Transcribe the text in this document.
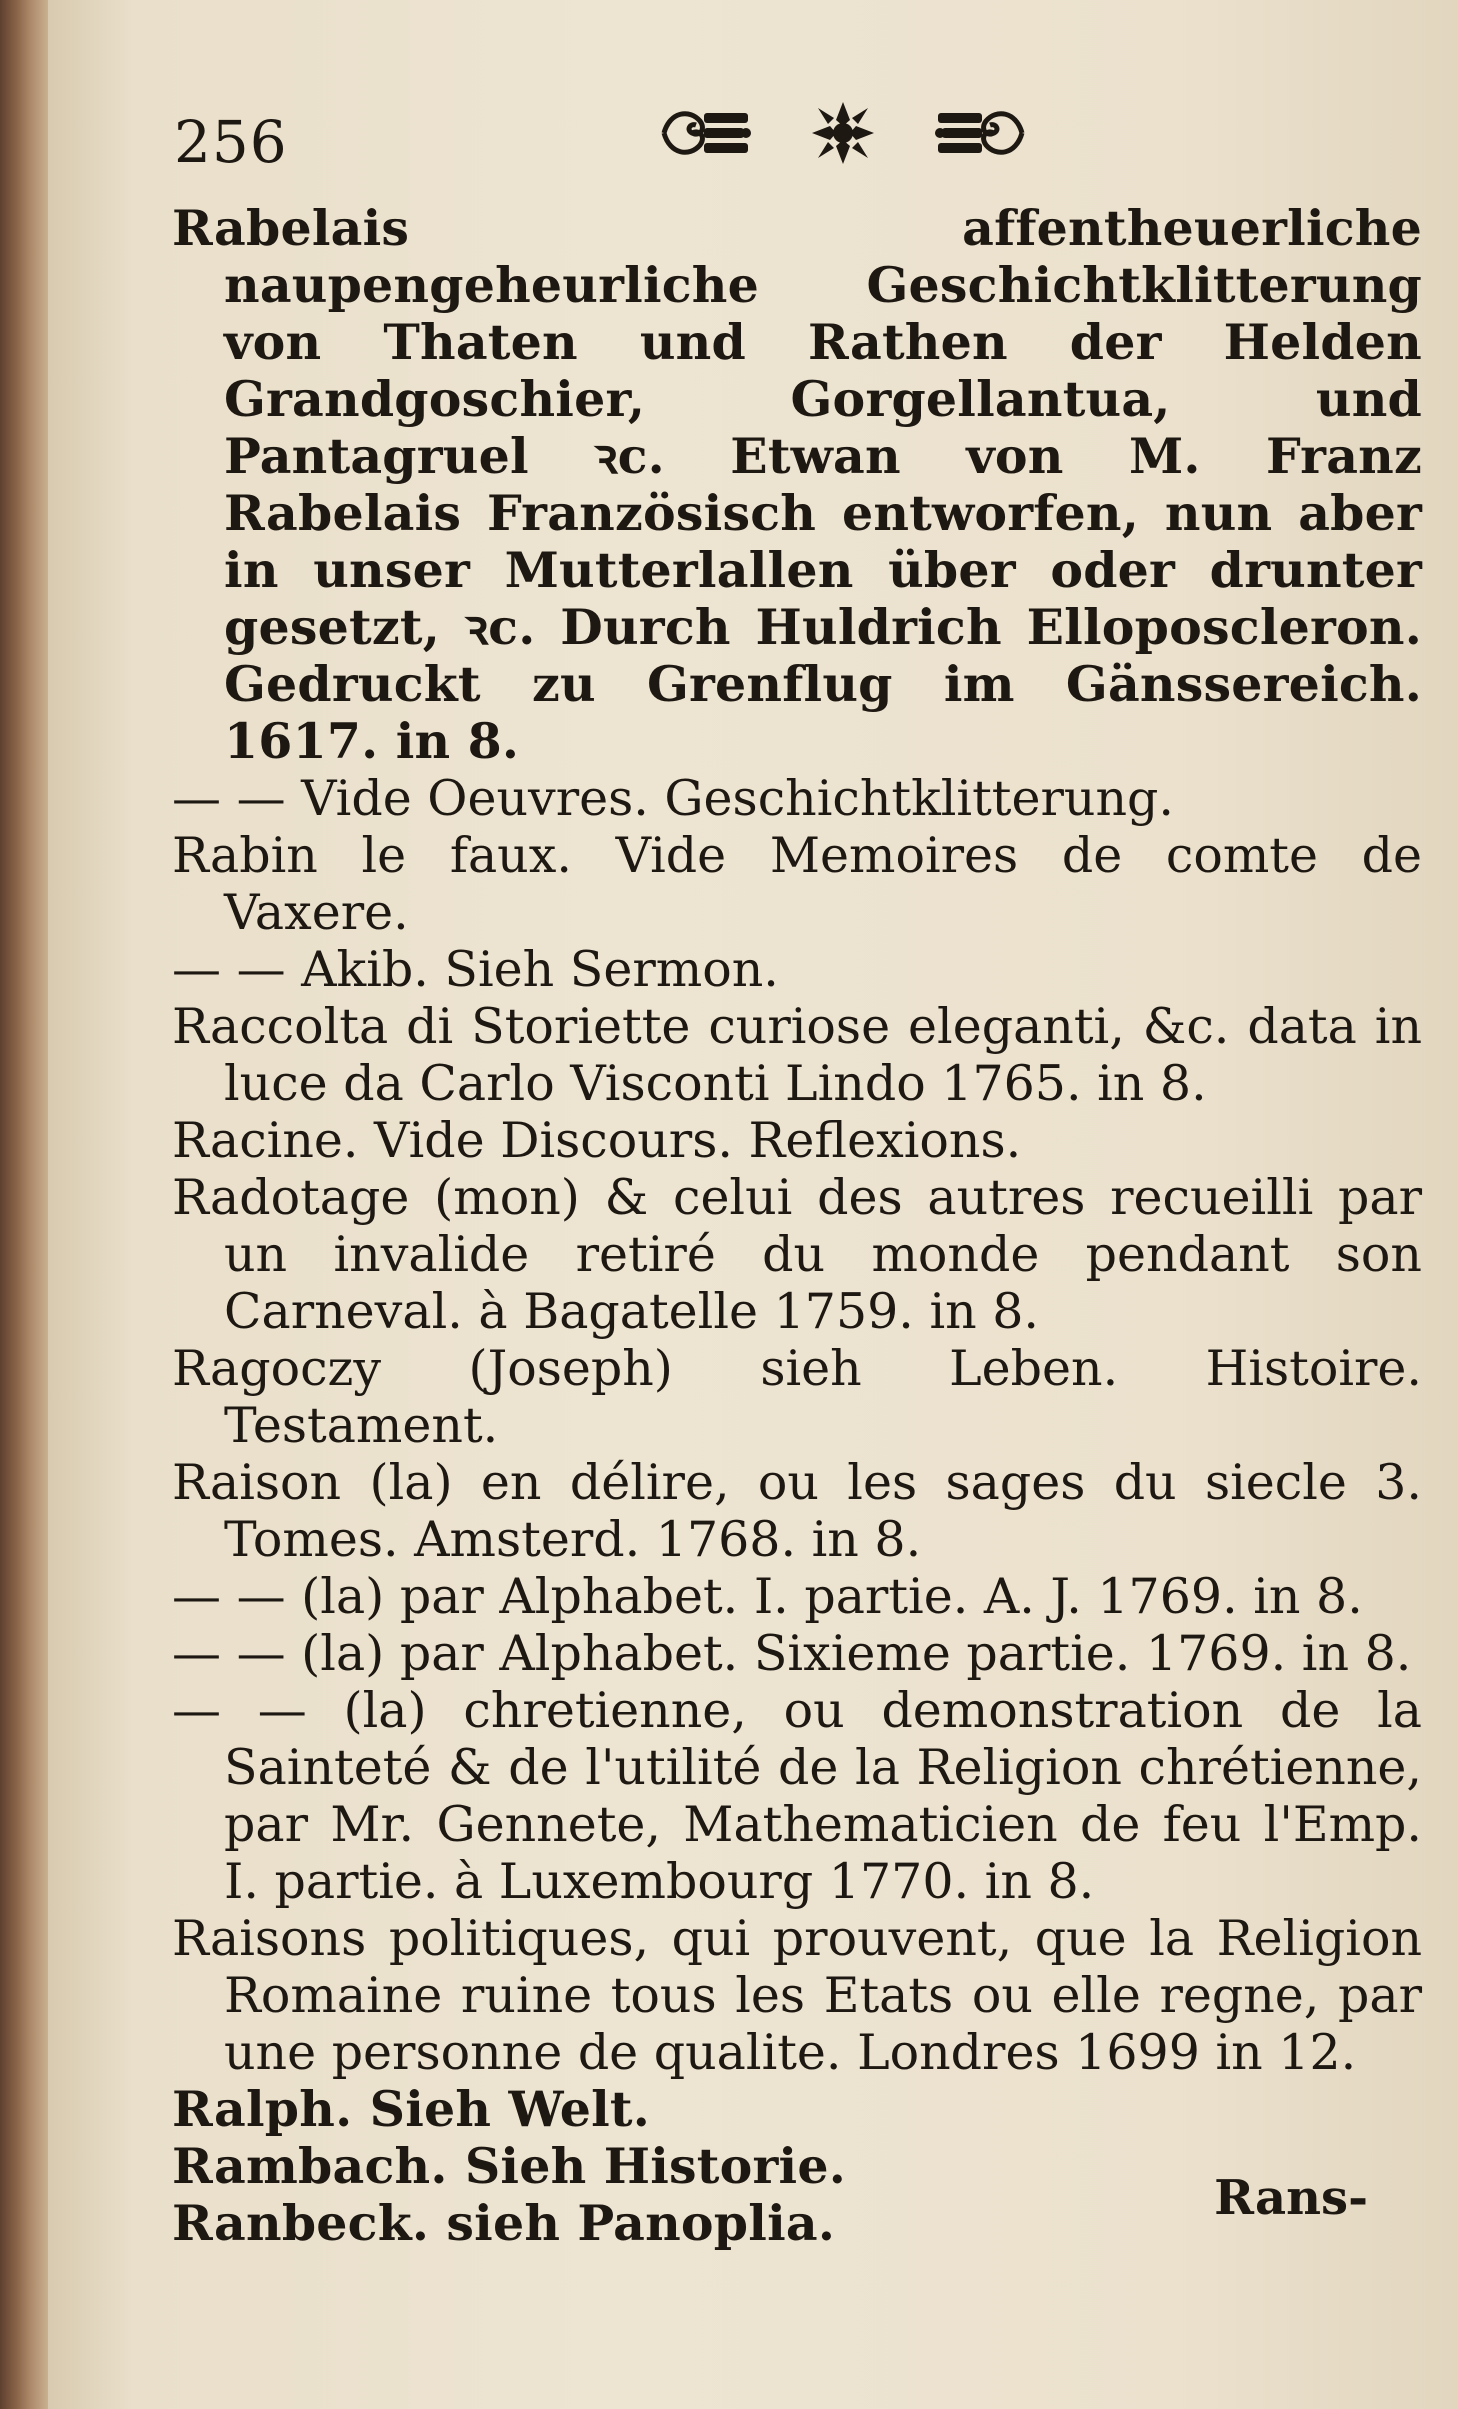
256

Rabelais affentheuerliche naupengeheurliche Geschichtklitterung von Thaten und Rathen der Helden Grandgoschier, Gorgellantua, und Pantagruel ꝛc. Etwan von M. Franz Rabelais Französisch entworfen, nun aber in unser Mutterlallen über oder drunter gesetzt, ꝛc. Durch Huldrich Elloposcleron. Gedruckt zu Grenflug im Gänssereich. 1617. in 8.

— — Vide Oeuvres. Geschichtklitterung.

Rabin le faux. Vide Memoires de comte de Vaxere.

— — Akib. Sieh Sermon.

Raccolta di Storiette curiose eleganti, &c. data in luce da Carlo Visconti Lindo 1765. in 8.

Racine. Vide Discours. Reflexions.

Radotage (mon) & celui des autres recueilli par un invalide retiré du monde pendant son Carneval. à Bagatelle 1759. in 8.

Ragoczy (Joseph) sieh Leben. Histoire. Testament.

Raison (la) en délire, ou les sages du siecle 3. Tomes. Amsterd. 1768. in 8.

— — (la) par Alphabet. I. partie. A. J. 1769. in 8.

— — (la) par Alphabet. Sixieme partie. 1769. in 8.

— — (la) chretienne, ou demonstration de la Sainteté & de l'utilité de la Religion chrétienne, par Mr. Gennete, Mathematicien de feu l'Emp. I. partie. à Luxembourg 1770. in 8.

Raisons politiques, qui prouvent, que la Religion Romaine ruine tous les Etats ou elle regne, par une personne de qualite. Londres 1699 in 12.

Ralph. Sieh Welt.

Rambach. Sieh Historie.

Ranbeck. sieh Panoplia.	Rans-
